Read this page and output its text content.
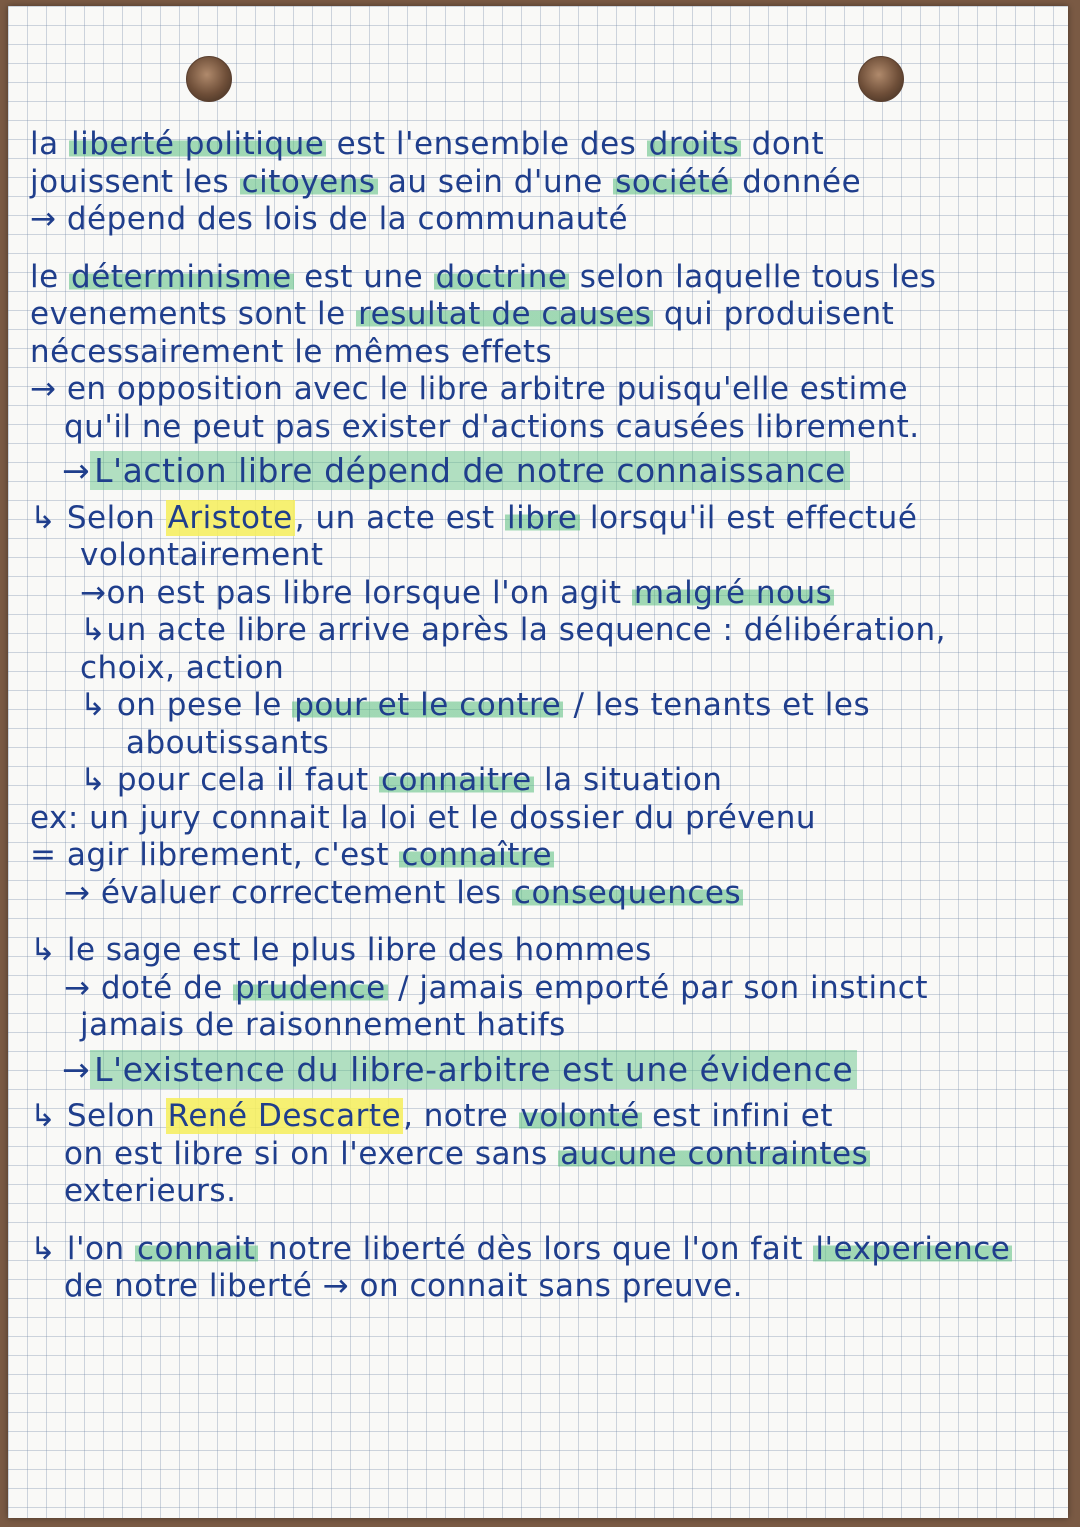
la liberté politique est l'ensemble des droits dont
jouissent les citoyens au sein d'une société donnée
→ dépend des lois de la communauté
le déterminisme est une doctrine selon laquelle tous les
evenements sont le resultat de causes qui produisent
nécessairement le mêmes effets
→ en opposition avec le libre arbitre puisqu'elle estime
qu'il ne peut pas exister d'actions causées librement.
→ L'action libre dépend de notre connaissance
↳ Selon Aristote, un acte est libre lorsqu'il est effectué
volontairement
→on est pas libre lorsque l'on agit malgré nous
↳un acte libre arrive après la sequence : délibération,
choix, action
↳ on pese le pour et le contre / les tenants et les
aboutissants
↳ pour cela il faut connaitre la situation
ex: un jury connait la loi et le dossier du prévenu
= agir librement, c'est connaître
→ évaluer correctement les consequences
↳ le sage est le plus libre des hommes
→ doté de prudence / jamais emporté par son instinct
jamais de raisonnement hatifs
→ L'existence du libre-arbitre est une évidence
↳ Selon René Descarte, notre volonté est infini et
on est libre si on l'exerce sans aucune contraintes
exterieurs.
↳ l'on connait notre liberté dès lors que l'on fait l'experience
de notre liberté → on connait sans preuve.
